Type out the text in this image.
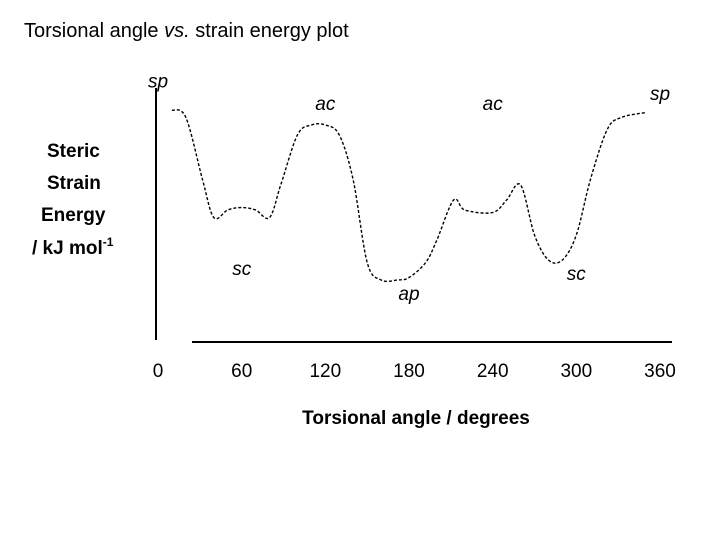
Torsional angle vs. strain energy plot
Steric
Strain
Energy
/ kJ mol$^{-1}$
Torsional angle / degrees
0	60	120	180	240	300	360
sp
ac	ac	sp
sc	sc
ap
